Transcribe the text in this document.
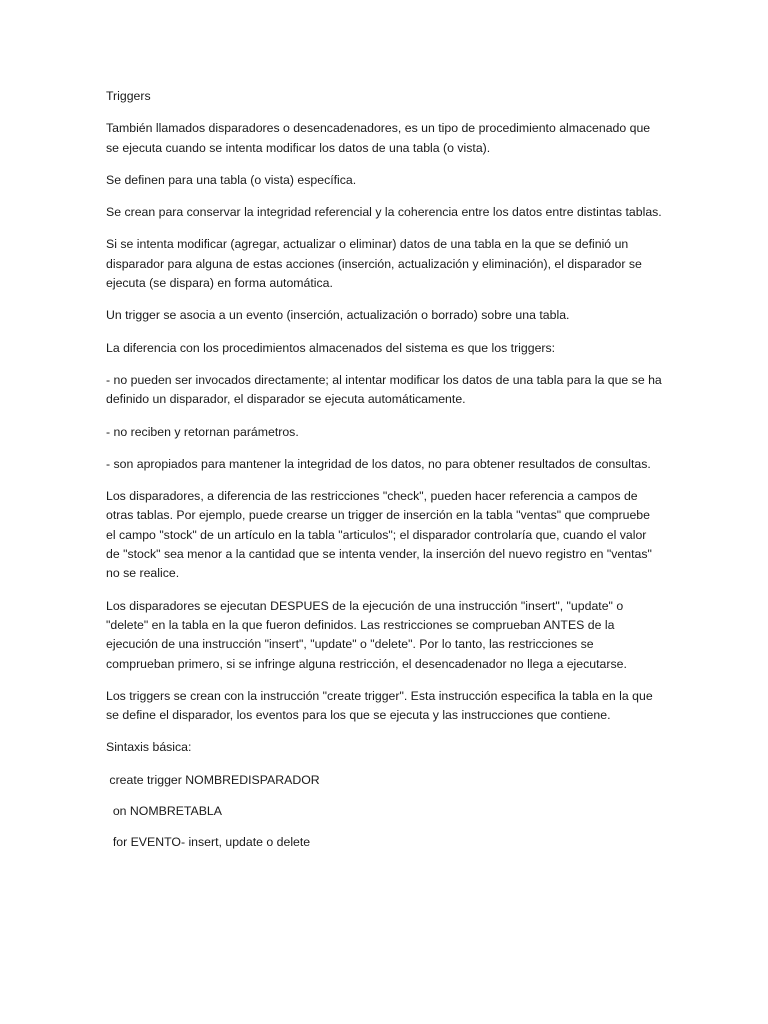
Triggers

También llamados disparadores o desencadenadores, es un tipo de procedimiento almacenado que se ejecuta cuando se intenta modificar los datos de una tabla (o vista).

Se definen para una tabla (o vista) específica.

Se crean para conservar la integridad referencial y la coherencia entre los datos entre distintas tablas.

Si se intenta modificar (agregar, actualizar o eliminar) datos de una tabla en la que se definió un disparador para alguna de estas acciones (inserción, actualización y eliminación), el disparador se ejecuta (se dispara) en forma automática.

Un trigger se asocia a un evento (inserción, actualización o borrado) sobre una tabla.

La diferencia con los procedimientos almacenados del sistema es que los triggers:

- no pueden ser invocados directamente; al intentar modificar los datos de una tabla para la que se ha definido un disparador, el disparador se ejecuta automáticamente.

- no reciben y retornan parámetros.

- son apropiados para mantener la integridad de los datos, no para obtener resultados de consultas.

Los disparadores, a diferencia de las restricciones "check", pueden hacer referencia a campos de otras tablas. Por ejemplo, puede crearse un trigger de inserción en la tabla "ventas" que compruebe el campo "stock" de un artículo en la tabla "articulos"; el disparador controlaría que, cuando el valor de "stock" sea menor a la cantidad que se intenta vender, la inserción del nuevo registro en "ventas" no se realice.

Los disparadores se ejecutan DESPUES de la ejecución de una instrucción "insert", "update" o "delete" en la tabla en la que fueron definidos. Las restricciones se comprueban ANTES de la ejecución de una instrucción "insert", "update" o "delete". Por lo tanto, las restricciones se comprueban primero, si se infringe alguna restricción, el desencadenador no llega a ejecutarse.

Los triggers se crean con la instrucción "create trigger". Esta instrucción especifica la tabla en la que se define el disparador, los eventos para los que se ejecuta y las instrucciones que contiene.

Sintaxis básica:

create trigger NOMBREDISPARADOR

on NOMBRETABLA

for EVENTO- insert, update o delete
